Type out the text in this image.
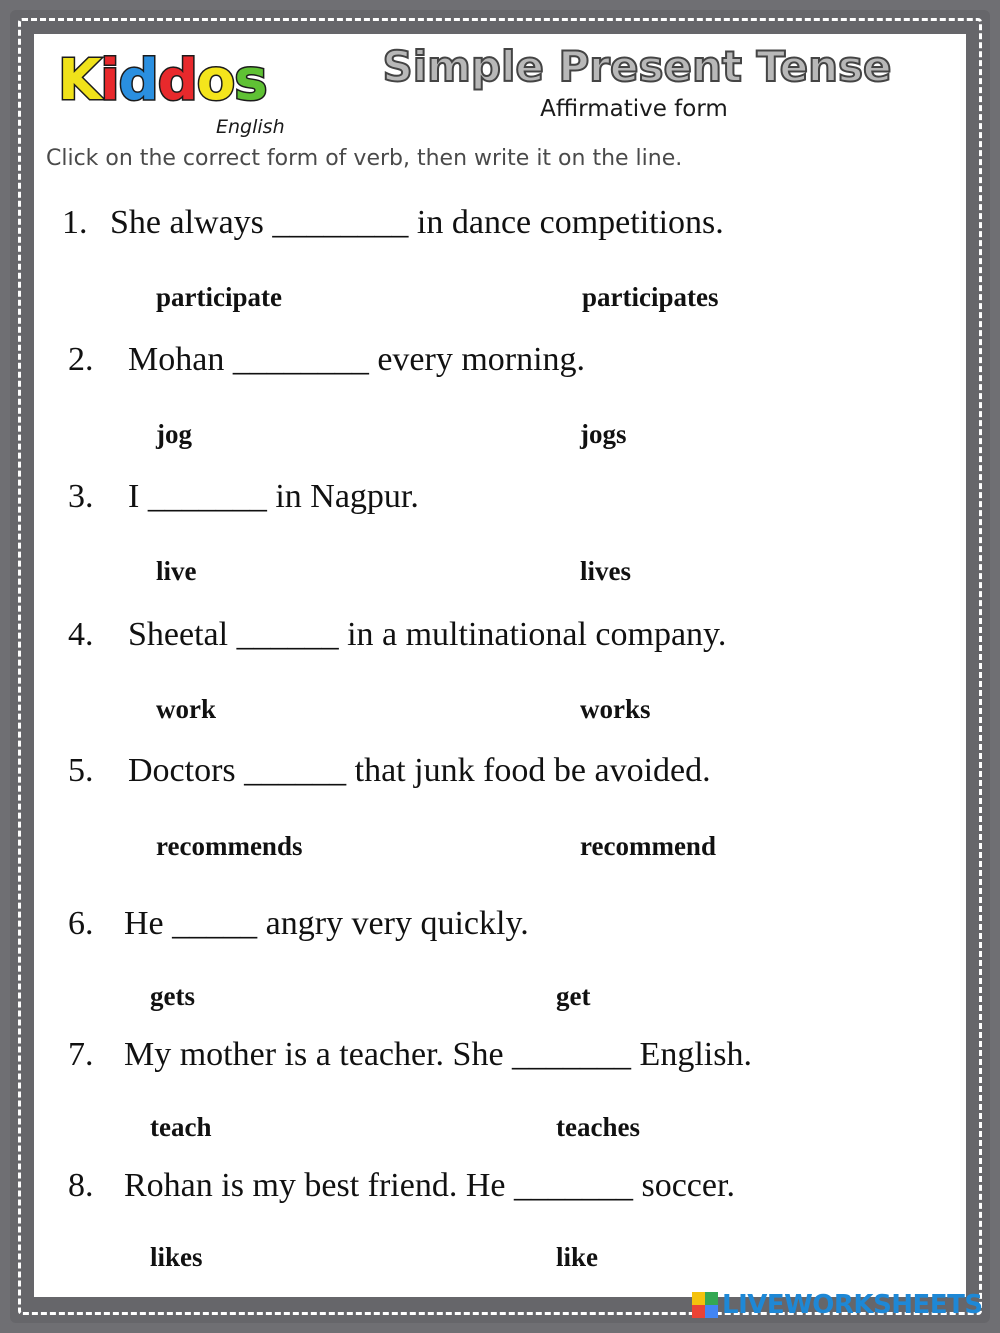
Kiddos
English
Simple Present Tense
Affirmative form
Click on the correct form of verb, then write it on the line.
1. She always ________ in dance competitions.
participate	participates
2. Mohan ________ every morning.
jog	jogs
3. I _______ in Nagpur.
live	lives
4. Sheetal ______ in a multinational company.
work	works
5. Doctors ______ that junk food be avoided.
recommends	recommend
6. He _____ angry very quickly.
gets	get
7. My mother is a teacher. She _______ English.
teach	teaches
8. Rohan is my best friend. He _______ soccer.
likes	like
LIVEWORKSHEETS
